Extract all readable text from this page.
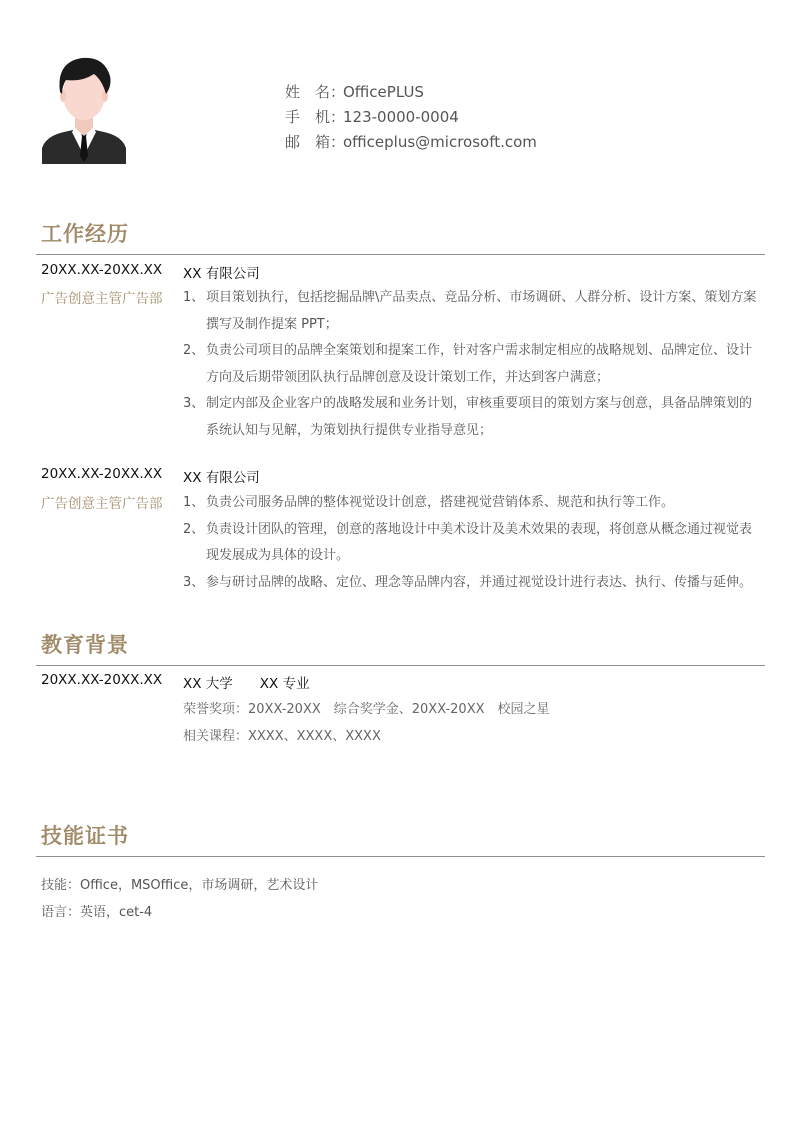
姓　名：OfficePLUS
手　机：123-0000-0004
邮　箱：officeplus@microsoft.com
工作经历
20XX.XX-20XX.XX XX 有限公司
广告创意主管广告部 1、 项目策划执行，包括挖掘品牌\产品卖点、竞品分析、市场调研、人群分析、设计方案、策划方案撰写及制作提案 PPT；
2、 负责公司项目的品牌全案策划和提案工作，针对客户需求制定相应的战略规划、品牌定位、设计方向及后期带领团队执行品牌创意及设计策划工作，并达到客户满意；
3、 制定内部及企业客户的战略发展和业务计划，审核重要项目的策划方案与创意，具备品牌策划的系统认知与见解，为策划执行提供专业指导意见；
20XX.XX-20XX.XX XX 有限公司
广告创意主管广告部 1、 负责公司服务品牌的整体视觉设计创意，搭建视觉营销体系、规范和执行等工作。
2、 负责设计团队的管理，创意的落地设计中美术设计及美术效果的表现，将创意从概念通过视觉表现发展成为具体的设计。
3、 参与研讨品牌的战略、定位、理念等品牌内容，并通过视觉设计进行表达、执行、传播与延伸。
教育背景
20XX.XX-20XX.XX XX 大学　　XX 专业
荣誉奖项：20XX-20XX　综合奖学金、20XX-20XX　校园之星
相关课程：XXXX、XXXX、XXXX
技能证书
技能：Office，MSOffice，市场调研，艺术设计
语言：英语，cet-4
